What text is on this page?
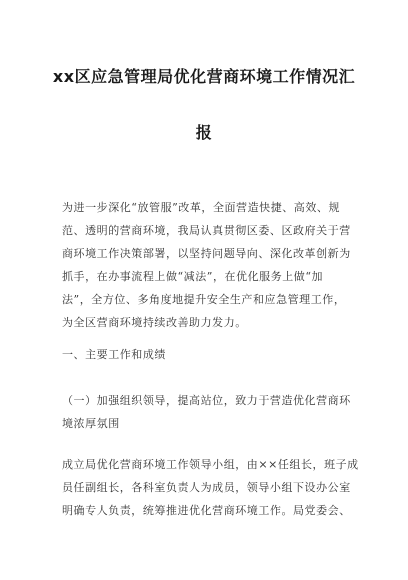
xx区应急管理局优化营商环境工作情况汇
报
为进一步深化“放管服”改革，全面营造快捷、高效、规
范、透明的营商环境，我局认真贯彻区委、区政府关于营
商环境工作决策部署，以坚持问题导向、深化改革创新为
抓手，在办事流程上做“减法”，在优化服务上做“加
法”，全方位、多角度地提升安全生产和应急管理工作，
为全区营商环境持续改善助力发力。
一、主要工作和成绩
（一）加强组织领导，提高站位，致力于营造优化营商环
境浓厚氛围
成立局优化营商环境工作领导小组，由××任组长，班子成
员任副组长，各科室负责人为成员，领导小组下设办公室
明确专人负责，统筹推进优化营商环境工作。局党委会、
